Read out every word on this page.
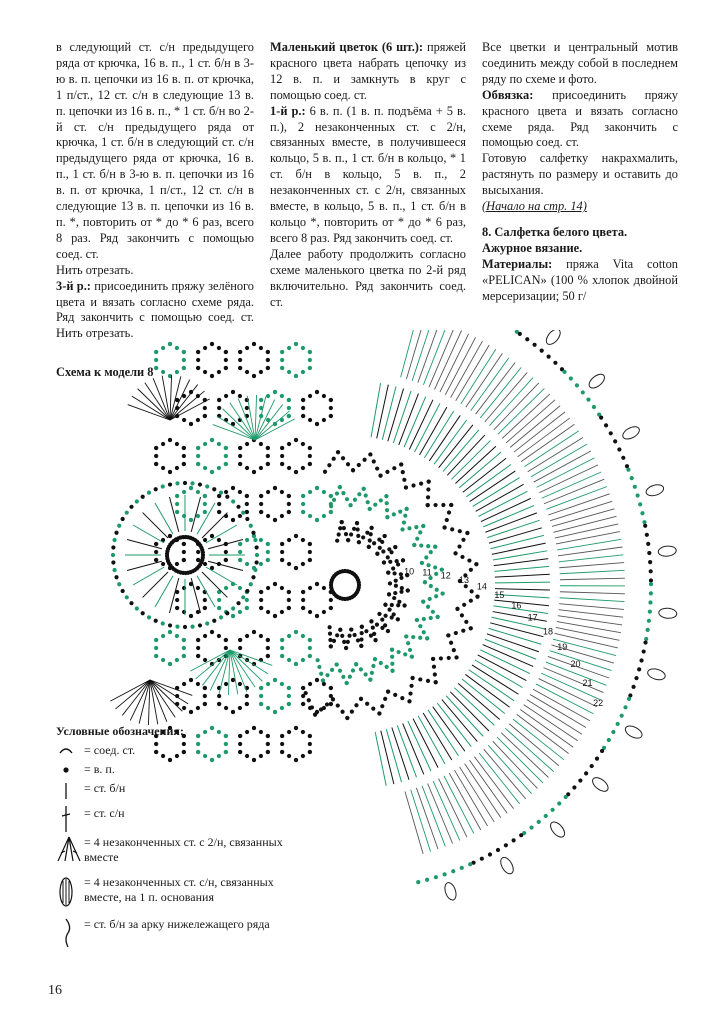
в следующий ст. с/н предыдущего ряда от крючка, 16 в. п., 1 ст. б/н в 3-ю в. п. цепочки из 16 в. п. от крючка, 1 п/ст., 12 ст. с/н в следующие 13 в. п. цепочки из 16 в. п., * 1 ст. б/н во 2-й ст. с/н предыдущего ряда от крючка, 1 ст. б/н в следующий ст. с/н предыдущего ряда от крючка, 16 в. п., 1 ст. б/н в 3-ю в. п. цепочки из 16 в. п. от крючка, 1 п/ст., 12 ст. с/н в следующие 13 в. п. цепочки из 16 в. п. *, повторить от * до * 6 раз, всего 8 раз. Ряд закончить с помощью соед. ст.

Нить отрезать.

3-й р.: присоединить пряжу зелёного цвета и вязать согласно схеме ряда. Ряд закончить с помощью соед. ст. Нить отрезать.

Маленький цветок (6 шт.): пряжей красного цвета набрать цепочку из 12 в. п. и замкнуть в круг с помощью соед. ст.

1-й р.: 6 в. п. (1 в. п. подъёма + 5 в. п.), 2 незаконченных ст. с 2/н, связанных вместе, в получившееся кольцо, 5 в. п., 1 ст. б/н в кольцо, * 1 ст. б/н в кольцо, 5 в. п., 2 незаконченных ст. с 2/н, связанных вместе, в кольцо, 5 в. п., 1 ст. б/н в кольцо *, повторить от * до * 6 раз, всего 8 раз. Ряд закончить соед. ст.

Далее работу продолжить согласно схеме маленького цветка по 2-й ряд включительно. Ряд закончить соед. ст.

Все цветки и центральный мотив соединить между собой в последнем ряду по схеме и фото.

Обвязка: присоединить пряжу красного цвета и вязать согласно схеме ряда. Ряд закончить с помощью соед. ст.

Готовую салфетку накрахмалить, растянуть по размеру и оставить до высыхания.

(Начало на стр. 14)

8. Салфетка белого цвета.

Ажурное вязание.

Материалы: пряжа Vita cotton «PELICAN» (100 % хлопок двойной мерсеризации; 50 г/

Схема к модели 8
10 11 12 13
14
15
16
17
18
19
20
21
22
Условные обозначения:
= соед. ст.
= в. п.
= ст. б/н
= ст. с/н
= 4 незаконченных ст. с 2/н, связанных вместе
= 4 незаконченных ст. с/н, связанных вместе, на 1 п. основания
= ст. б/н за арку нижележащего ряда
16
